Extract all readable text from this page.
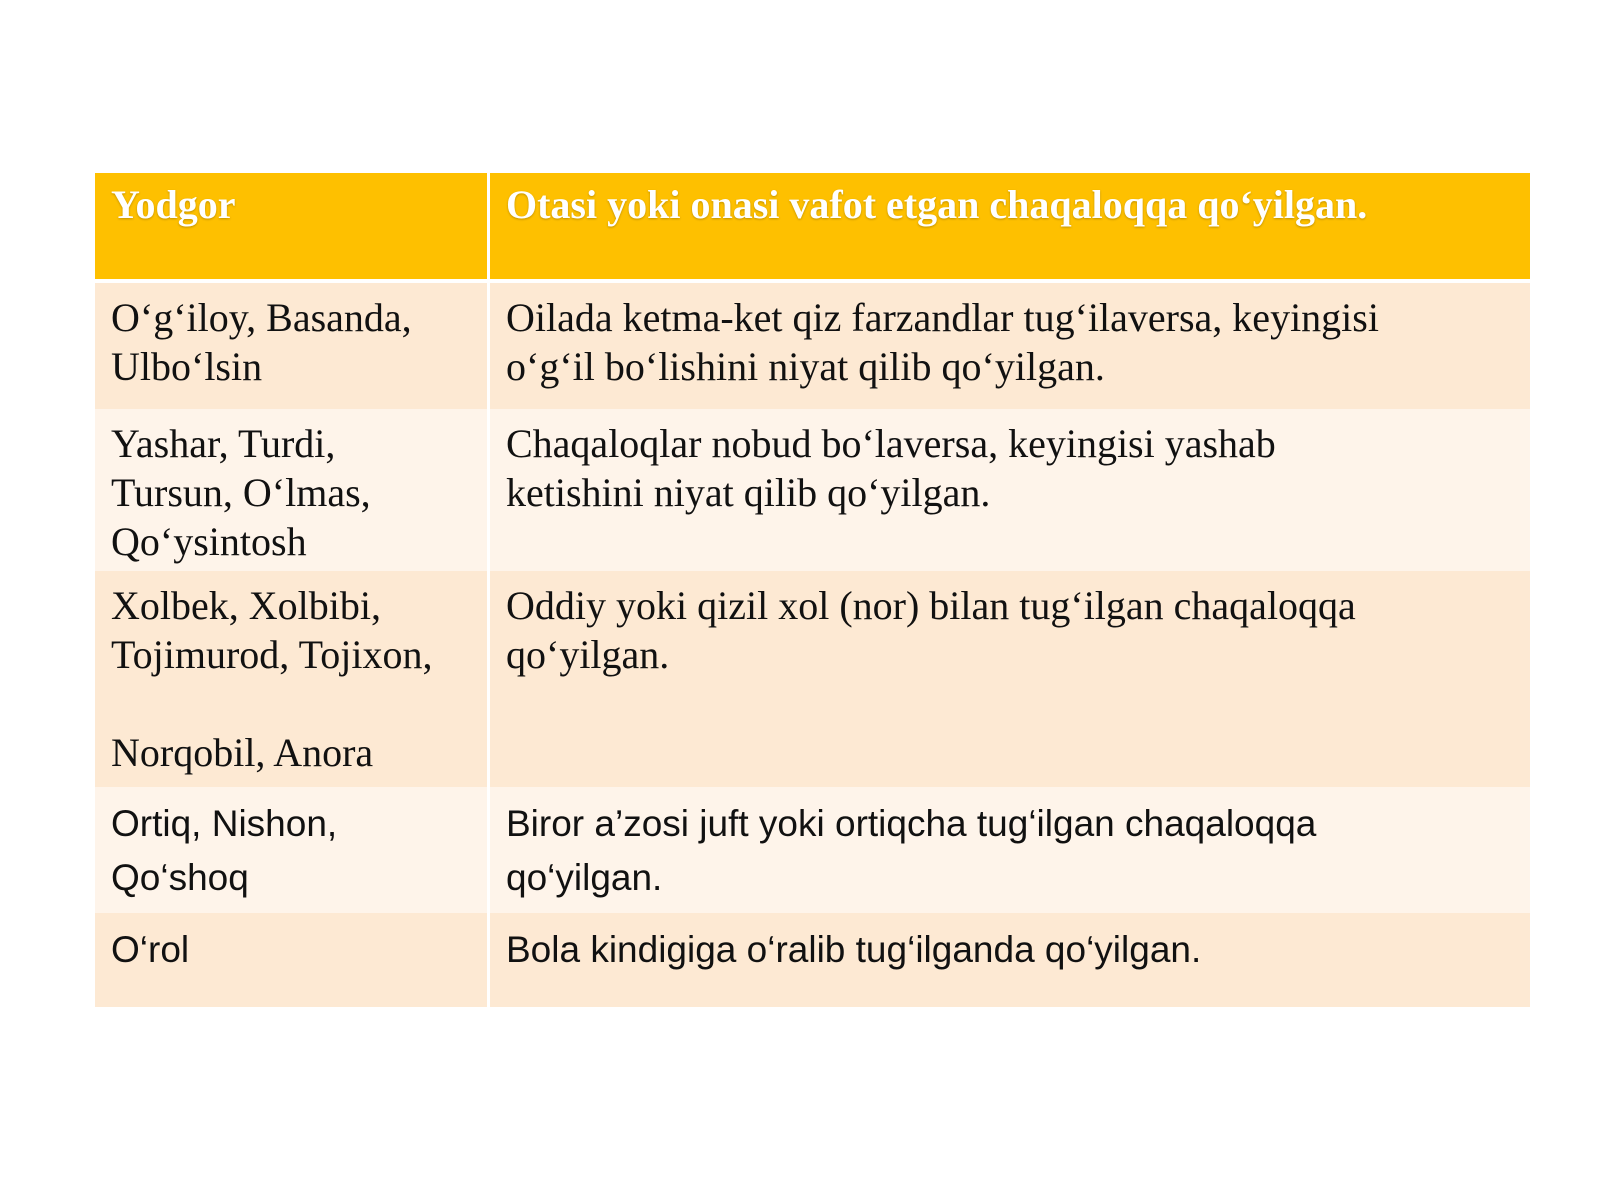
Yodgor	Otasi yoki onasi vafot etgan chaqaloqqa qo‘yilgan.

O‘g‘iloy, Basanda,
Ulbo‘lsin	Oilada ketma-ket qiz farzandlar tug‘ilaversa, keyingisi
o‘g‘il bo‘lishini niyat qilib qo‘yilgan.

Yashar, Turdi,
Tursun, O‘lmas,
Qo‘ysintosh	Chaqaloqlar nobud bo‘laversa, keyingisi yashab
ketishini niyat qilib qo‘yilgan.

Xolbek, Xolbibi,
Tojimurod, Tojixon,
Norqobil, Anora	Oddiy yoki qizil xol (nor) bilan tug‘ilgan chaqaloqqa
qo‘yilgan.

Ortiq, Nishon,
Qo‘shoq	Biror a’zosi juft yoki ortiqcha tug‘ilgan chaqaloqqa
qo‘yilgan.

O‘rol	Bola kindigiga o‘ralib tug‘ilganda qo‘yilgan.
